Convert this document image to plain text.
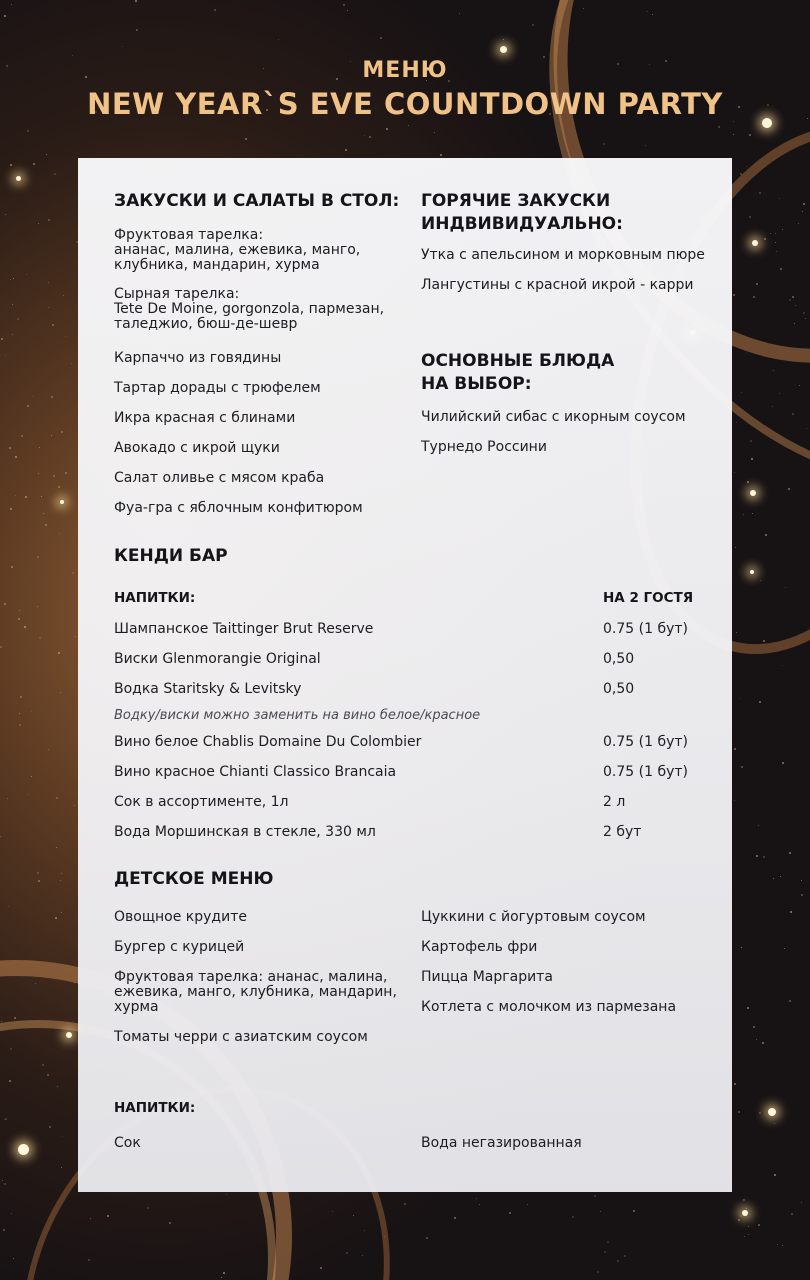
МЕНЮ
NEW YEAR`S EVE COUNTDOWN PARTY
ЗАКУСКИ И САЛАТЫ В СТОЛ:
Фруктовая тарелка:
ананас, малина, ежевика, манго,
клубника, мандарин, хурма
Сырная тарелка:
Tete De Moine, gorgonzola, пармезан,
таледжио, бюш-де-шевр
Карпаччо из говядины
Тартар дорады с трюфелем
Икра красная с блинами
Авокадо с икрой щуки
Салат оливье с мясом краба
Фуа-гра с яблочным конфитюром
ГОРЯЧИЕ ЗАКУСКИ
ИНДВИВИДУАЛЬНО:
Утка с апельсином и морковным пюре
Лангустины с красной икрой - карри
ОСНОВНЫЕ БЛЮДА
НА ВЫБОР:
Чилийский сибас с икорным соусом
Турнедо Россини
КЕНДИ БАР
НАПИТКИ:	НА 2 ГОСТЯ
Шампанское Taittinger Brut Reserve	0.75 (1 бут)
Виски Glenmorangie Original	0,50
Водка Staritsky & Levitsky	0,50
Водку/виски можно заменить на вино белое/красное
Вино белое Chablis Domaine Du Colombier	0.75 (1 бут)
Вино красное Chianti Classico Brancaia	0.75 (1 бут)
Сок в ассортименте, 1л	2 л
Вода Моршинская в стекле, 330 мл	2 бут
ДЕТСКОЕ МЕНЮ
Овощное крудите
Бургер с курицей
Фруктовая тарелка: ананас, малина,
ежевика, манго, клубника, мандарин,
хурма
Томаты черри с азиатским соусом
Цуккини с йогуртовым соусом
Картофель фри
Пицца Маргарита
Котлета с молочком из пармезана
НАПИТКИ:
Сок	Вода негазированная
